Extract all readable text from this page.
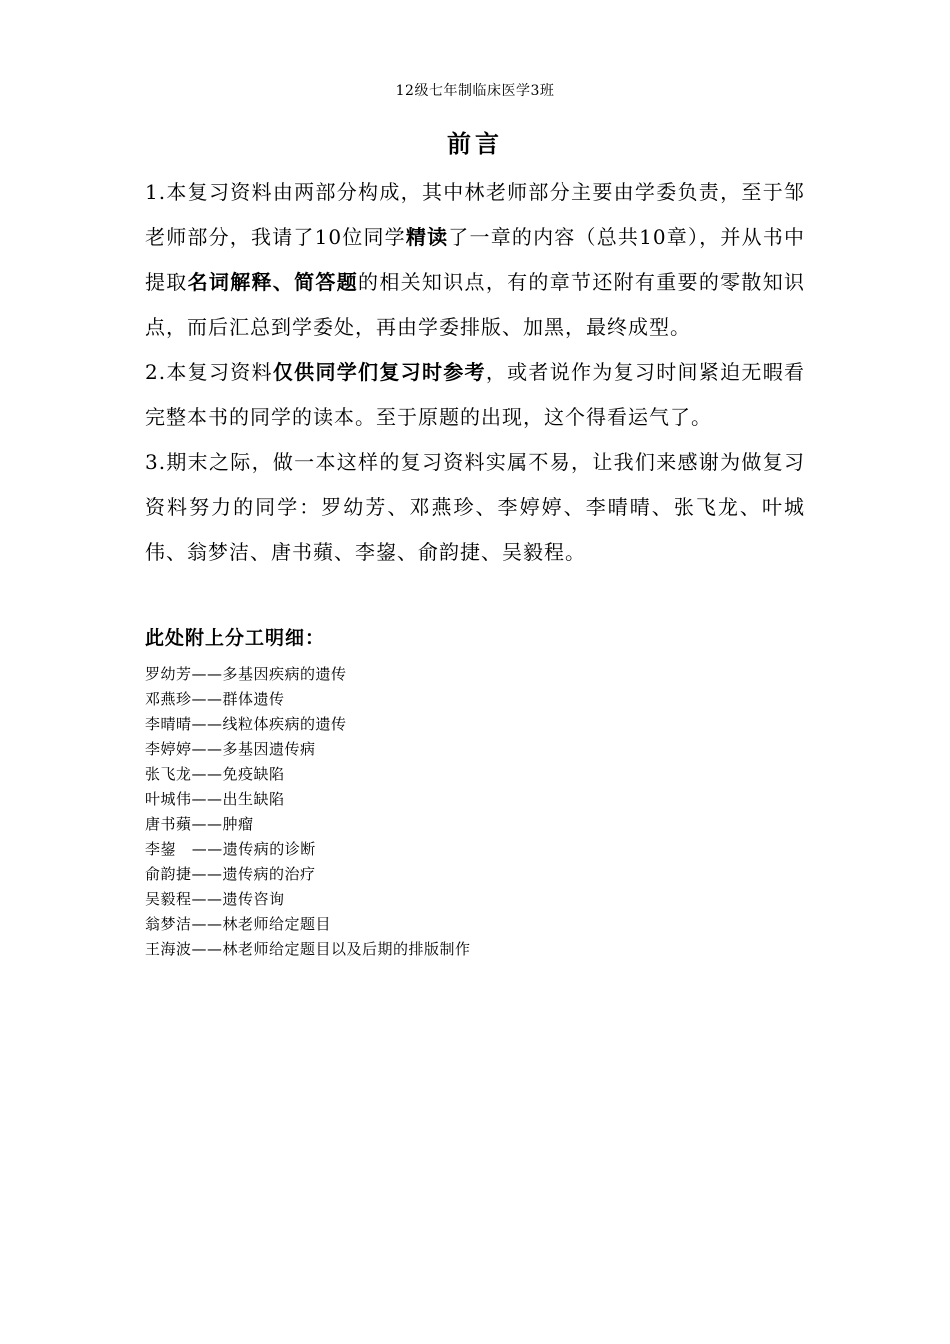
12级七年制临床医学3班
前言

1.本复习资料由两部分构成，其中林老师部分主要由学委负责，至于邹老师部分，我请了10位同学精读了一章的内容（总共10章），并从书中提取名词解释、简答题的相关知识点，有的章节还附有重要的零散知识点，而后汇总到学委处，再由学委排版、加黑，最终成型。

2.本复习资料仅供同学们复习时参考，或者说作为复习时间紧迫无暇看完整本书的同学的读本。至于原题的出现，这个得看运气了。

3.期末之际，做一本这样的复习资料实属不易，让我们来感谢为做复习资料努力的同学：罗幼芳、邓燕珍、李婷婷、李晴晴、张飞龙、叶城伟、翁梦洁、唐书蘋、李鋆、俞韵捷、吴毅程。

此处附上分工明细：
罗幼芳——多基因疾病的遗传
邓燕珍——群体遗传
李晴晴——线粒体疾病的遗传
李婷婷——多基因遗传病
张飞龙——免疫缺陷
叶城伟——出生缺陷
唐书蘋——肿瘤
李鋆   ——遗传病的诊断
俞韵捷——遗传病的治疗
吴毅程——遗传咨询
翁梦洁——林老师给定题目
王海波——林老师给定题目以及后期的排版制作
